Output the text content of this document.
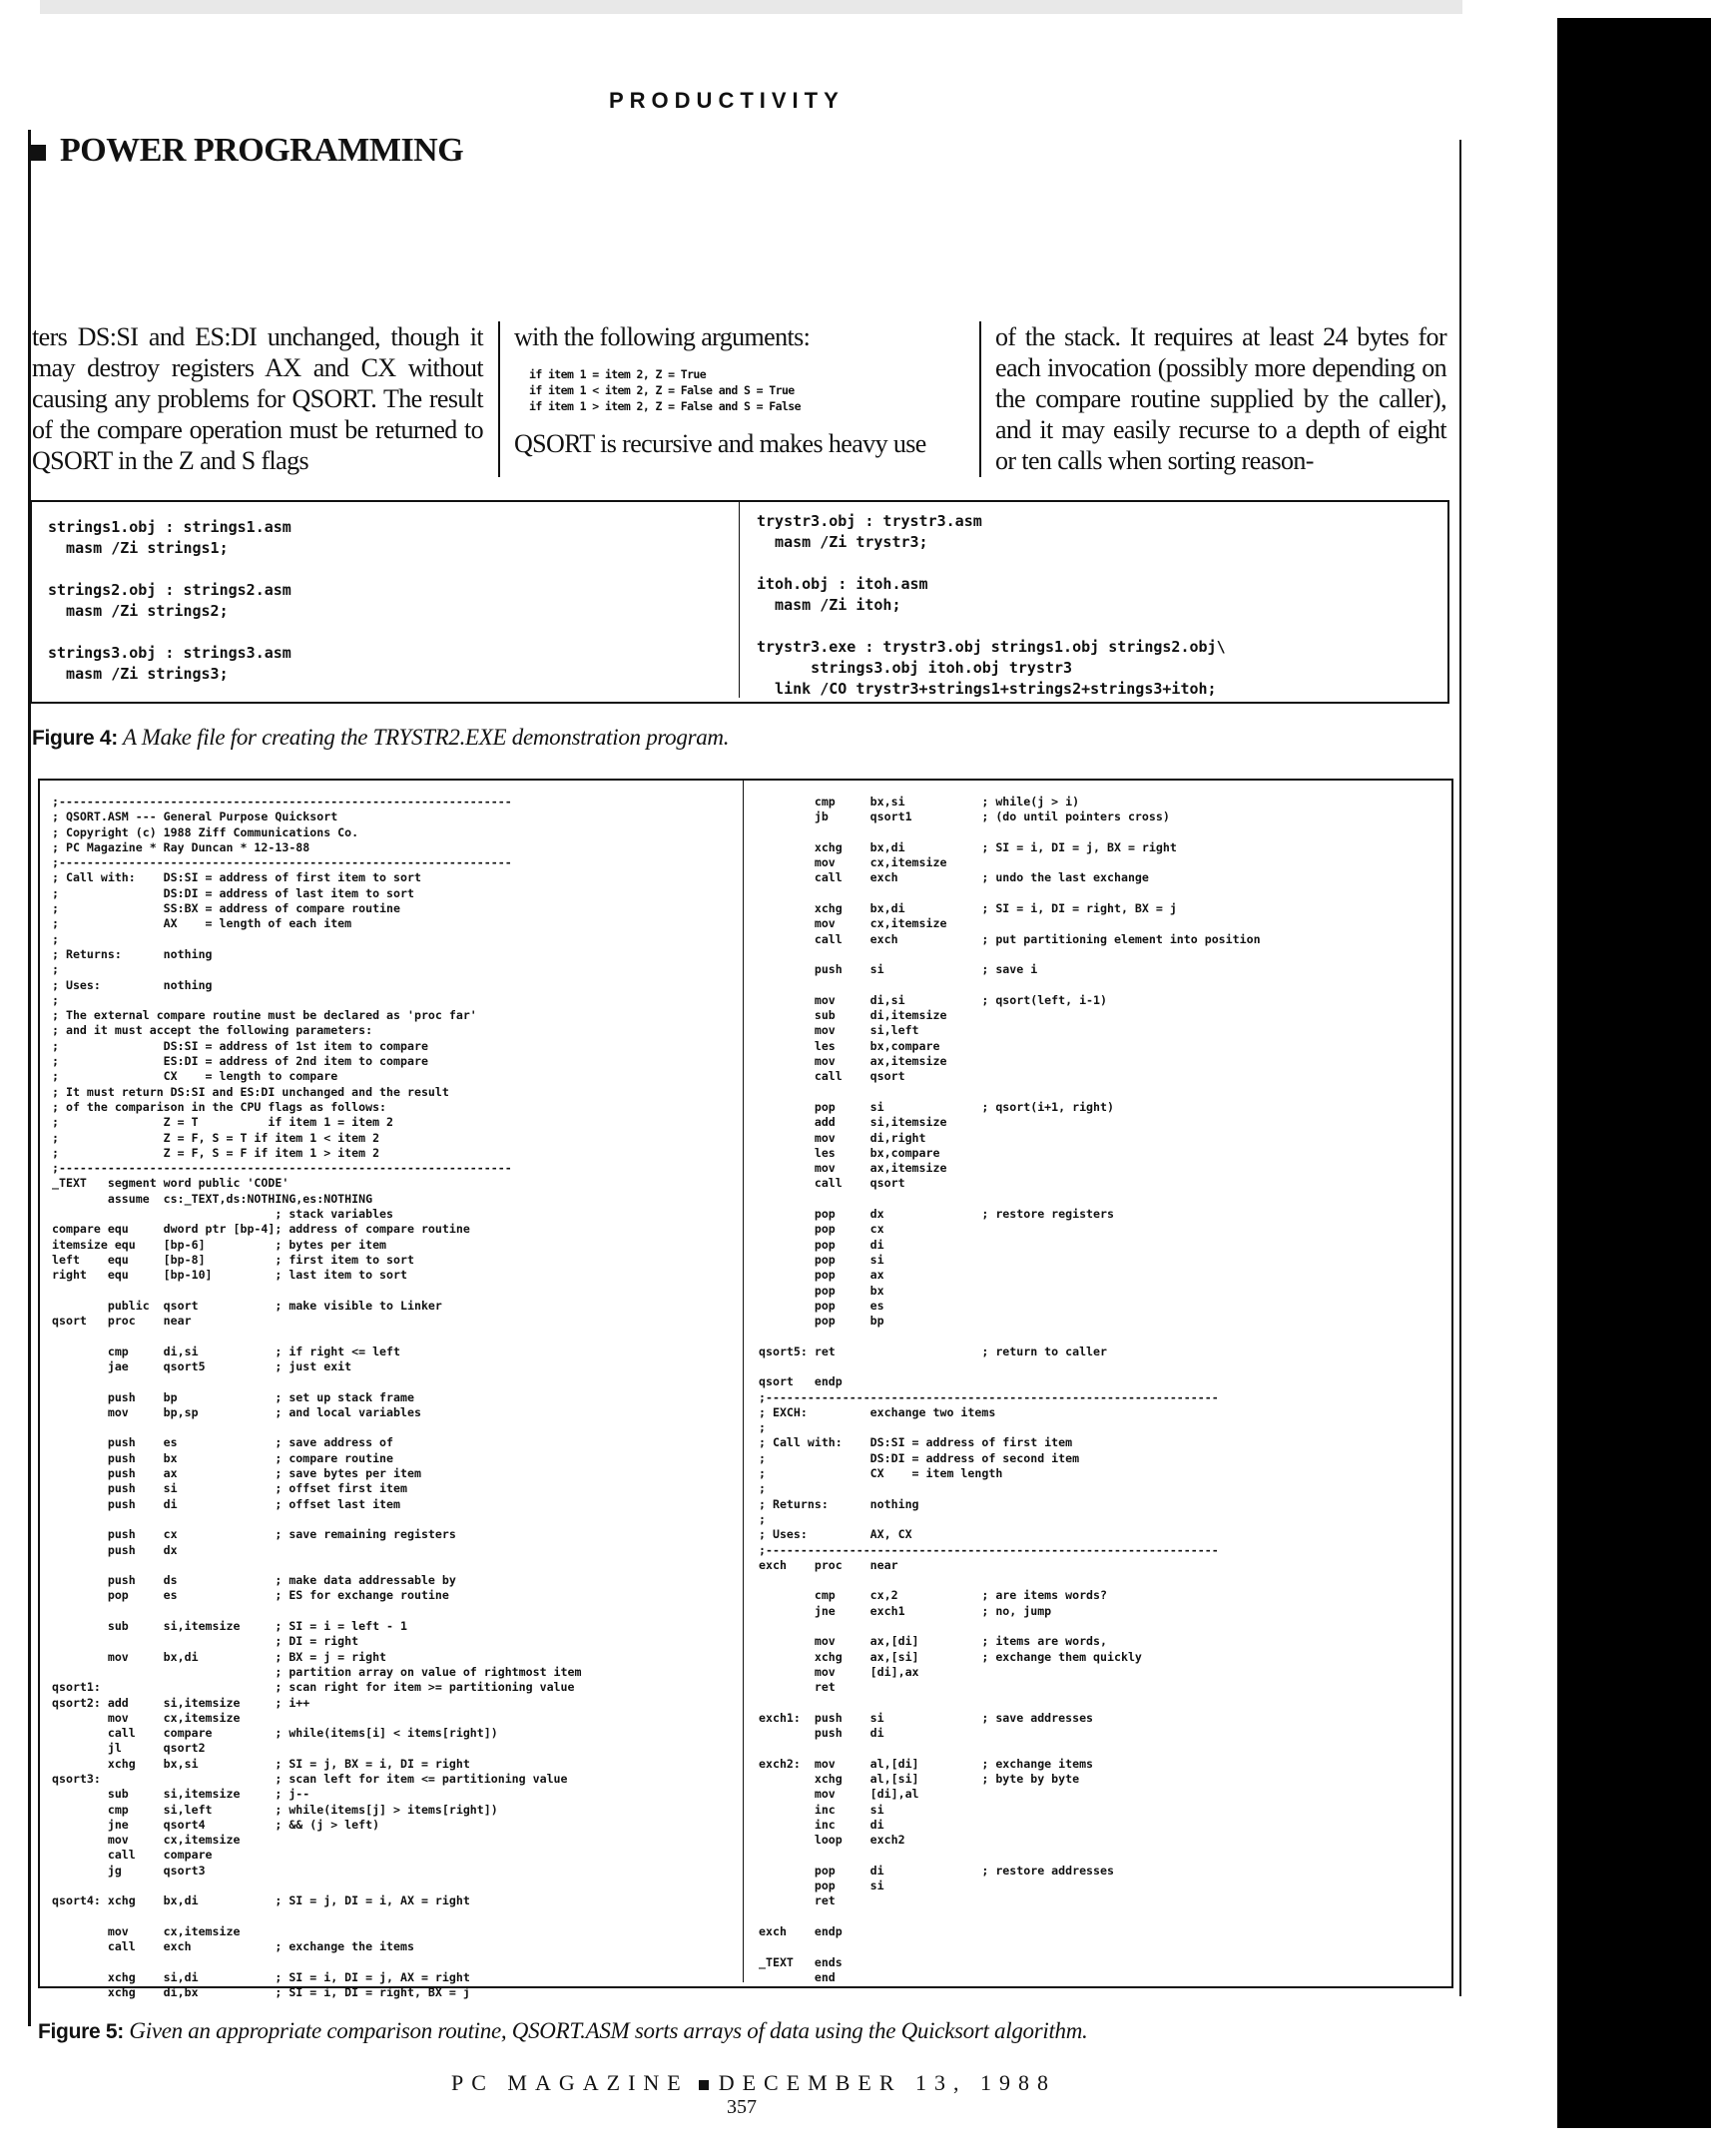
PRODUCTIVITY
POWER PROGRAMMING
ters DS:SI and ES:DI unchanged, though it may destroy registers AX and CX without causing any problems for QSORT. The result of the compare operation must be returned to QSORT in the Z and S flags
with the following arguments:
if item 1 = item 2, Z = True
if item 1 < item 2, Z = False and S = True
if item 1 > item 2, Z = False and S = False
QSORT is recursive and makes heavy use
of the stack. It requires at least 24 bytes for each invocation (possibly more depending on the compare routine supplied by the caller), and it may easily recurse to a depth of eight or ten calls when sorting reason-
strings1.obj : strings1.asm
masm /Zi strings1;

strings2.obj : strings2.asm
masm /Zi strings2;

strings3.obj : strings3.asm
masm /Zi strings3;
trystr3.obj : trystr3.asm
masm /Zi trystr3;

itoh.obj : itoh.asm
masm /Zi itoh;

trystr3.exe : trystr3.obj strings1.obj strings2.obj\
strings3.obj itoh.obj trystr3
link /CO trystr3+strings1+strings2+strings3+itoh;
Figure 4: A Make file for creating the TRYSTR2.EXE demonstration program.
;-----------------------------------------------------------------
; QSORT.ASM --- General Purpose Quicksort
; Copyright (c) 1988 Ziff Communications Co.
; PC Magazine * Ray Duncan * 12-13-88
;-----------------------------------------------------------------
; Call with:    DS:SI = address of first item to sort
;               DS:DI = address of last item to sort
;               SS:BX = address of compare routine
;               AX    = length of each item
;
; Returns:      nothing
;
; Uses:         nothing
;
; The external compare routine must be declared as 'proc far'
; and it must accept the following parameters:
;               DS:SI = address of 1st item to compare
;               ES:DI = address of 2nd item to compare
;               CX    = length to compare
; It must return DS:SI and ES:DI unchanged and the result
; of the comparison in the CPU flags as follows:
;               Z = T          if item 1 = item 2
;               Z = F, S = T if item 1 < item 2
;               Z = F, S = F if item 1 > item 2
;-----------------------------------------------------------------
_TEXT   segment word public 'CODE'
assume  cs:_TEXT,ds:NOTHING,es:NOTHING
; stack variables
compare equ     dword ptr [bp-4]; address of compare routine
itemsize equ    [bp-6]          ; bytes per item
left    equ     [bp-8]          ; first item to sort
right   equ     [bp-10]         ; last item to sort

public  qsort           ; make visible to Linker
qsort   proc    near

cmp     di,si           ; if right <= left
jae     qsort5          ; just exit

push    bp              ; set up stack frame
mov     bp,sp           ; and local variables

push    es              ; save address of
push    bx              ; compare routine
push    ax              ; save bytes per item
push    si              ; offset first item
push    di              ; offset last item

push    cx              ; save remaining registers
push    dx

push    ds              ; make data addressable by
pop     es              ; ES for exchange routine

sub     si,itemsize     ; SI = i = left - 1
; DI = right
mov     bx,di           ; BX = j = right
; partition array on value of rightmost item
qsort1:                         ; scan right for item >= partitioning value
qsort2: add     si,itemsize     ; i++
mov     cx,itemsize
call    compare         ; while(items[i] < items[right])
jl      qsort2
xchg    bx,si           ; SI = j, BX = i, DI = right
qsort3:                         ; scan left for item <= partitioning value
sub     si,itemsize     ; j--
cmp     si,left         ; while(items[j] > items[right])
jne     qsort4          ; && (j > left)
mov     cx,itemsize
call    compare
jg      qsort3

qsort4: xchg    bx,di           ; SI = j, DI = i, AX = right

mov     cx,itemsize
call    exch            ; exchange the items

xchg    si,di           ; SI = i, DI = j, AX = right
xchg    di,bx           ; SI = i, DI = right, BX = j
cmp     bx,si           ; while(j > i)
jb      qsort1          ; (do until pointers cross)

xchg    bx,di           ; SI = i, DI = j, BX = right
mov     cx,itemsize
call    exch            ; undo the last exchange

xchg    bx,di           ; SI = i, DI = right, BX = j
mov     cx,itemsize
call    exch            ; put partitioning element into position

push    si              ; save i

mov     di,si           ; qsort(left, i-1)
sub     di,itemsize
mov     si,left
les     bx,compare
mov     ax,itemsize
call    qsort

pop     si              ; qsort(i+1, right)
add     si,itemsize
mov     di,right
les     bx,compare
mov     ax,itemsize
call    qsort

pop     dx              ; restore registers
pop     cx
pop     di
pop     si
pop     ax
pop     bx
pop     es
pop     bp

qsort5: ret                     ; return to caller

qsort   endp
;-----------------------------------------------------------------
; EXCH:         exchange two items
;
; Call with:    DS:SI = address of first item
;               DS:DI = address of second item
;               CX    = item length
;
; Returns:      nothing
;
; Uses:         AX, CX
;-----------------------------------------------------------------
exch    proc    near

cmp     cx,2            ; are items words?
jne     exch1           ; no, jump

mov     ax,[di]         ; items are words,
xchg    ax,[si]         ; exchange them quickly
mov     [di],ax
ret

exch1:  push    si              ; save addresses
push    di

exch2:  mov     al,[di]         ; exchange items
xchg    al,[si]         ; byte by byte
mov     [di],al
inc     si
inc     di
loop    exch2

pop     di              ; restore addresses
pop     si
ret

exch    endp

_TEXT   ends
end
Figure 5: Given an appropriate comparison routine, QSORT.ASM sorts arrays of data using the Quicksort algorithm.
PC MAGAZINE DECEMBER 13, 1988
357
